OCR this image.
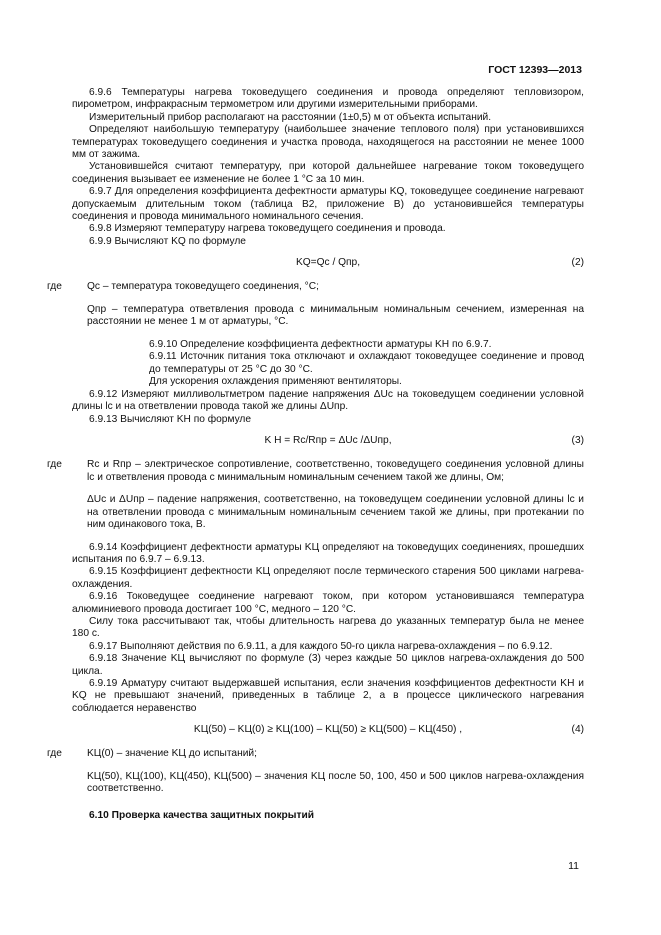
ГОСТ 12393—2013

6.9.6 Температуры нагрева токоведущего соединения и провода определяют тепловизором, пирометром, инфракрасным термометром или другими измерительными приборами.

Измерительный прибор располагают на расстоянии (1±0,5) м от объекта испытаний.

Определяют наибольшую температуру (наибольшее значение теплового поля) при установившихся температурах токоведущего соединения и участка провода, находящегося на расстоянии не менее 1000 мм от зажима.

Установившейся считают температуру, при которой дальнейшее нагревание током токоведущего соединения вызывает ее изменение не более 1 °С за 10 мин.

6.9.7 Для определения коэффициента дефектности арматуры KQ, токоведущее соединение нагревают допускаемым длительным током (таблица В2, приложение В) до установившейся температуры соединения и провода минимального номинального сечения.

6.9.8 Измеряют температуру нагрева токоведущего соединения и провода.

6.9.9 Вычисляют KQ по формуле

KQ=Qc / Qпр,	(2)
где Qc – температура токоведущего соединения, °С;

Qпр – температура ответвления провода с минимальным номинальным сечением, измеренная на расстоянии не менее 1 м от арматуры, °С.

6.9.10 Определение коэффициента дефектности арматуры KН по 6.9.7.

6.9.11 Источник питания тока отключают и охлаждают токоведущее соединение и провод до температуры от 25 °С до 30 °С.

Для ускорения охлаждения применяют вентиляторы.

6.9.12 Измеряют милливольтметром падение напряжения ΔUс на токоведущем соединении условной длины lс и на ответвлении провода такой же длины ΔUпр.

6.9.13 Вычисляют KН по формуле

K Н = Rс/Rпр = ΔUс /ΔUпр,	(3)
где Rс и Rпр – электрическое сопротивление, соответственно, токоведущего соединения условной длины lс и ответвления провода с минимальным номинальным сечением такой же длины, Ом;

ΔUс и ΔUпр – падение напряжения, соответственно, на токоведущем соединении условной длины lс и на ответвлении провода с минимальным номинальным сечением такой же длины, при протекании по ним одинакового тока, В.

6.9.14 Коэффициент дефектности арматуры KЦ определяют на токоведущих соединениях, прошедших испытания по 6.9.7 – 6.9.13.

6.9.15 Коэффициент дефектности KЦ определяют после термического старения 500 циклами нагрева-охлаждения.

6.9.16 Токоведущее соединение нагревают током, при котором установившаяся температура алюминиевого провода достигает 100 °С, медного – 120 °С.

Силу тока рассчитывают так, чтобы длительность нагрева до указанных температур была не менее 180 с.

6.9.17 Выполняют действия по 6.9.11, а для каждого 50-го цикла нагрева-охлаждения – по 6.9.12.

6.9.18 Значение KЦ вычисляют по формуле (3) через каждые 50 циклов нагрева-охлаждения до 500 цикла.

6.9.19 Арматуру считают выдержавшей испытания, если значения коэффициентов дефектности KН и KQ не превышают значений, приведенных в таблице 2, а в процессе циклического нагревания соблюдается неравенство

KЦ(50) – KЦ(0) ≥ KЦ(100) – KЦ(50) ≥ KЦ(500) – KЦ(450) ,	(4)
где KЦ(0) – значение KЦ до испытаний;

KЦ(50), KЦ(100), KЦ(450), KЦ(500) – значения KЦ после 50, 100, 450 и 500 циклов нагрева-охлаждения соответственно.

6.10 Проверка качества защитных покрытий

11
